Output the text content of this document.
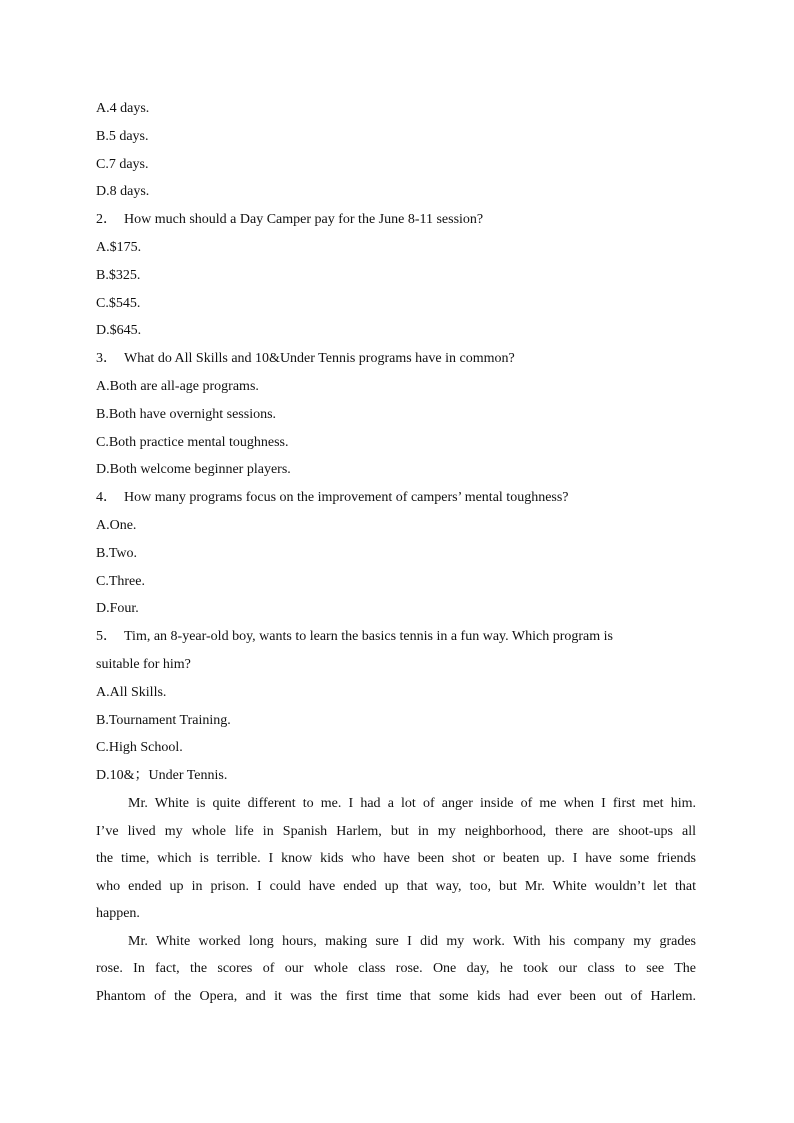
A.4 days.
B.5 days.
C.7 days.
D.8 days.
2． How much should a Day Camper pay for the June 8-11 session?
A.$175.
B.$325.
C.$545.
D.$645.
3． What do All Skills and 10&Under Tennis programs have in common?
A.Both are all-age programs.
B.Both have overnight sessions.
C.Both practice mental toughness.
D.Both welcome beginner players.
4． How many programs focus on the improvement of campers’ mental toughness?
A.One.
B.Two.
C.Three.
D.Four.
5． Tim, an 8-year-old boy, wants to learn the basics tennis in a fun way. Which program is
suitable for him?
A.All Skills.
B.Tournament Training.
C.High School.
D.10&；Under Tennis.
Mr. White is quite different to me. I had a lot of anger inside of me when I first met him.
I’ve lived my whole life in Spanish Harlem, but in my neighborhood, there are shoot-ups all
the time, which is terrible. I know kids who have been shot or beaten up. I have some friends
who ended up in prison. I could have ended up that way, too, but Mr. White wouldn’t let that
happen.
Mr. White worked long hours, making sure I did my work. With his company my grades
rose. In fact, the scores of our whole class rose. One day, he took our class to see The
Phantom of the Opera, and it was the first time that some kids had ever been out of Harlem.
